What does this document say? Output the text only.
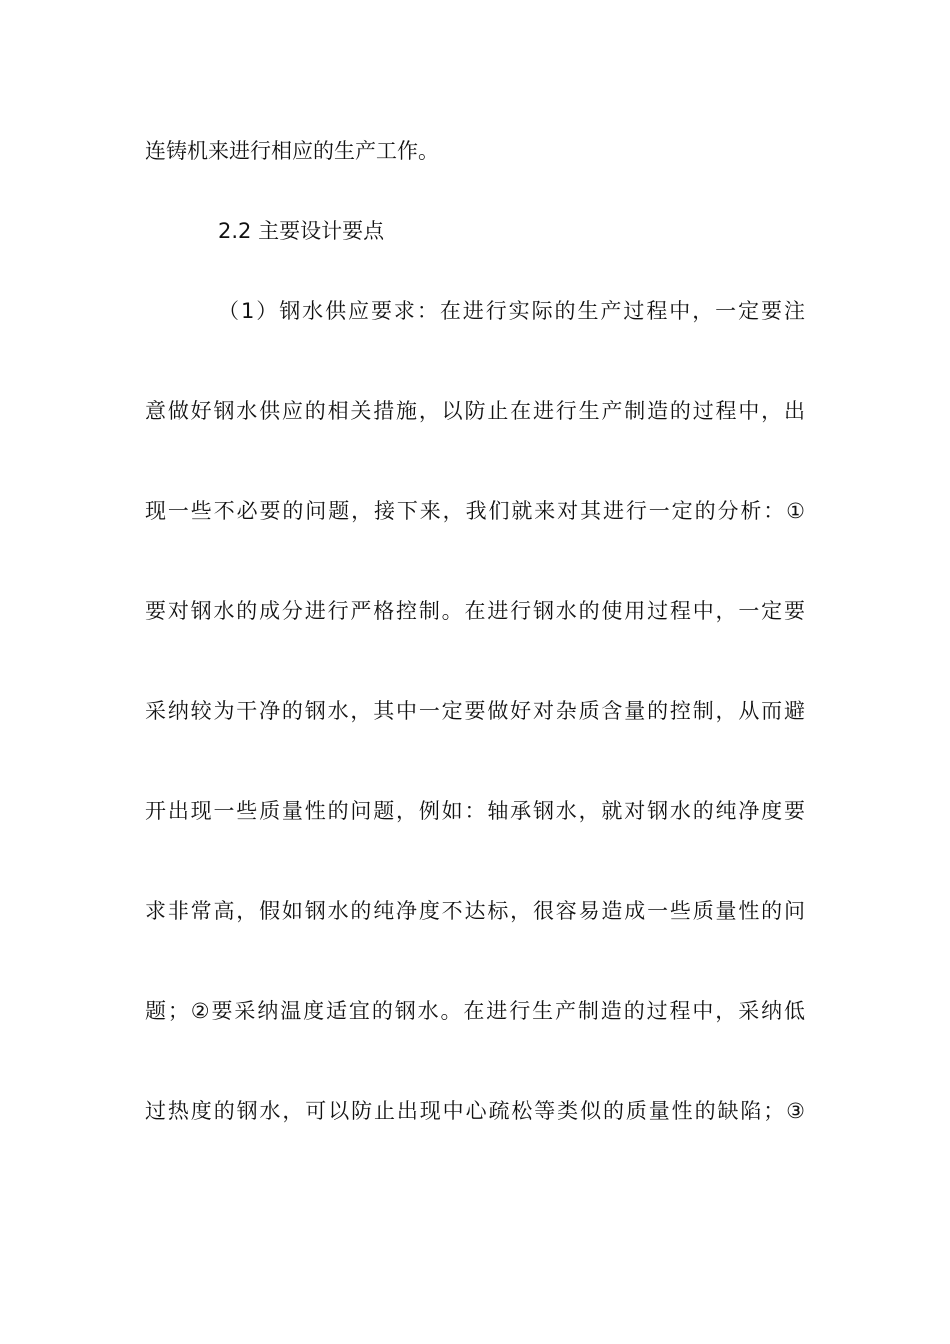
连铸机来进行相应的生产工作。
2.2 主要设计要点
（1）钢水供应要求：在进行实际的生产过程中，一定要注
意做好钢水供应的相关措施，以防止在进行生产制造的过程中，出
现一些不必要的问题，接下来，我们就来对其进行一定的分析：①
要对钢水的成分进行严格控制。在进行钢水的使用过程中，一定要
采纳较为干净的钢水，其中一定要做好对杂质含量的控制，从而避
开出现一些质量性的问题，例如：轴承钢水，就对钢水的纯净度要
求非常高，假如钢水的纯净度不达标，很容易造成一些质量性的问
题；②要采纳温度适宜的钢水。在进行生产制造的过程中，采纳低
过热度的钢水，可以防止出现中心疏松等类似的质量性的缺陷；③
